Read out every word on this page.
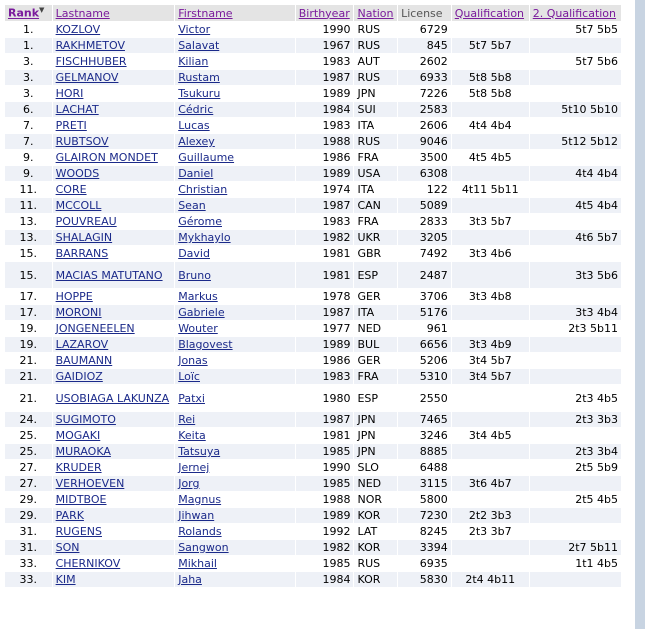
Rank▼	Lastname	Firstname	Birthyear	Nation	License	Qualification	2. Qualification
1.	KOZLOV	Victor	1990	RUS	6729		5t7 5b5
1.	RAKHMETOV	Salavat	1967	RUS	845	5t7 5b7	
3.	FISCHHUBER	Kilian	1983	AUT	2602		5t7 5b6
3.	GELMANOV	Rustam	1987	RUS	6933	5t8 5b8	
3.	HORI	Tsukuru	1989	JPN	7226	5t8 5b8	
6.	LACHAT	Cédric	1984	SUI	2583		5t10 5b10
7.	PRETI	Lucas	1983	ITA	2606	4t4 4b4	
7.	RUBTSOV	Alexey	1988	RUS	9046		5t12 5b12
9.	GLAIRON MONDET	Guillaume	1986	FRA	3500	4t5 4b5	
9.	WOODS	Daniel	1989	USA	6308		4t4 4b4
11.	CORE	Christian	1974	ITA	122	4t11 5b11	
11.	MCCOLL	Sean	1987	CAN	5089		4t5 4b4
13.	POUVREAU	Gérome	1983	FRA	2833	3t3 5b7	
13.	SHALAGIN	Mykhaylo	1982	UKR	3205		4t6 5b7
15.	BARRANS	David	1981	GBR	7492	3t3 4b6	
15.	MACIAS MATUTANO	Bruno	1981	ESP	2487		3t3 5b6
17.	HOPPE	Markus	1978	GER	3706	3t3 4b8	
17.	MORONI	Gabriele	1987	ITA	5176		3t3 4b4
19.	JONGENEELEN	Wouter	1977	NED	961		2t3 5b11
19.	LAZAROV	Blagovest	1989	BUL	6656	3t3 4b9	
21.	BAUMANN	Jonas	1986	GER	5206	3t4 5b7	
21.	GAIDIOZ	Loïc	1983	FRA	5310	3t4 5b7	
21.	USOBIAGA LAKUNZA	Patxi	1980	ESP	2550		2t3 4b5
24.	SUGIMOTO	Rei	1987	JPN	7465		2t3 3b3
25.	MOGAKI	Keita	1981	JPN	3246	3t4 4b5	
25.	MURAOKA	Tatsuya	1985	JPN	8885		2t3 3b4
27.	KRUDER	Jernej	1990	SLO	6488		2t5 5b9
27.	VERHOEVEN	Jorg	1985	NED	3115	3t6 4b7	
29.	MIDTBOE	Magnus	1988	NOR	5800		2t5 4b5
29.	PARK	Jihwan	1989	KOR	7230	2t2 3b3	
31.	RUGENS	Rolands	1992	LAT	8245	2t3 3b7	
31.	SON	Sangwon	1982	KOR	3394		2t7 5b11
33.	CHERNIKOV	Mikhail	1985	RUS	6935		1t1 4b5
33.	KIM	Jaha	1984	KOR	5830	2t4 4b11	
